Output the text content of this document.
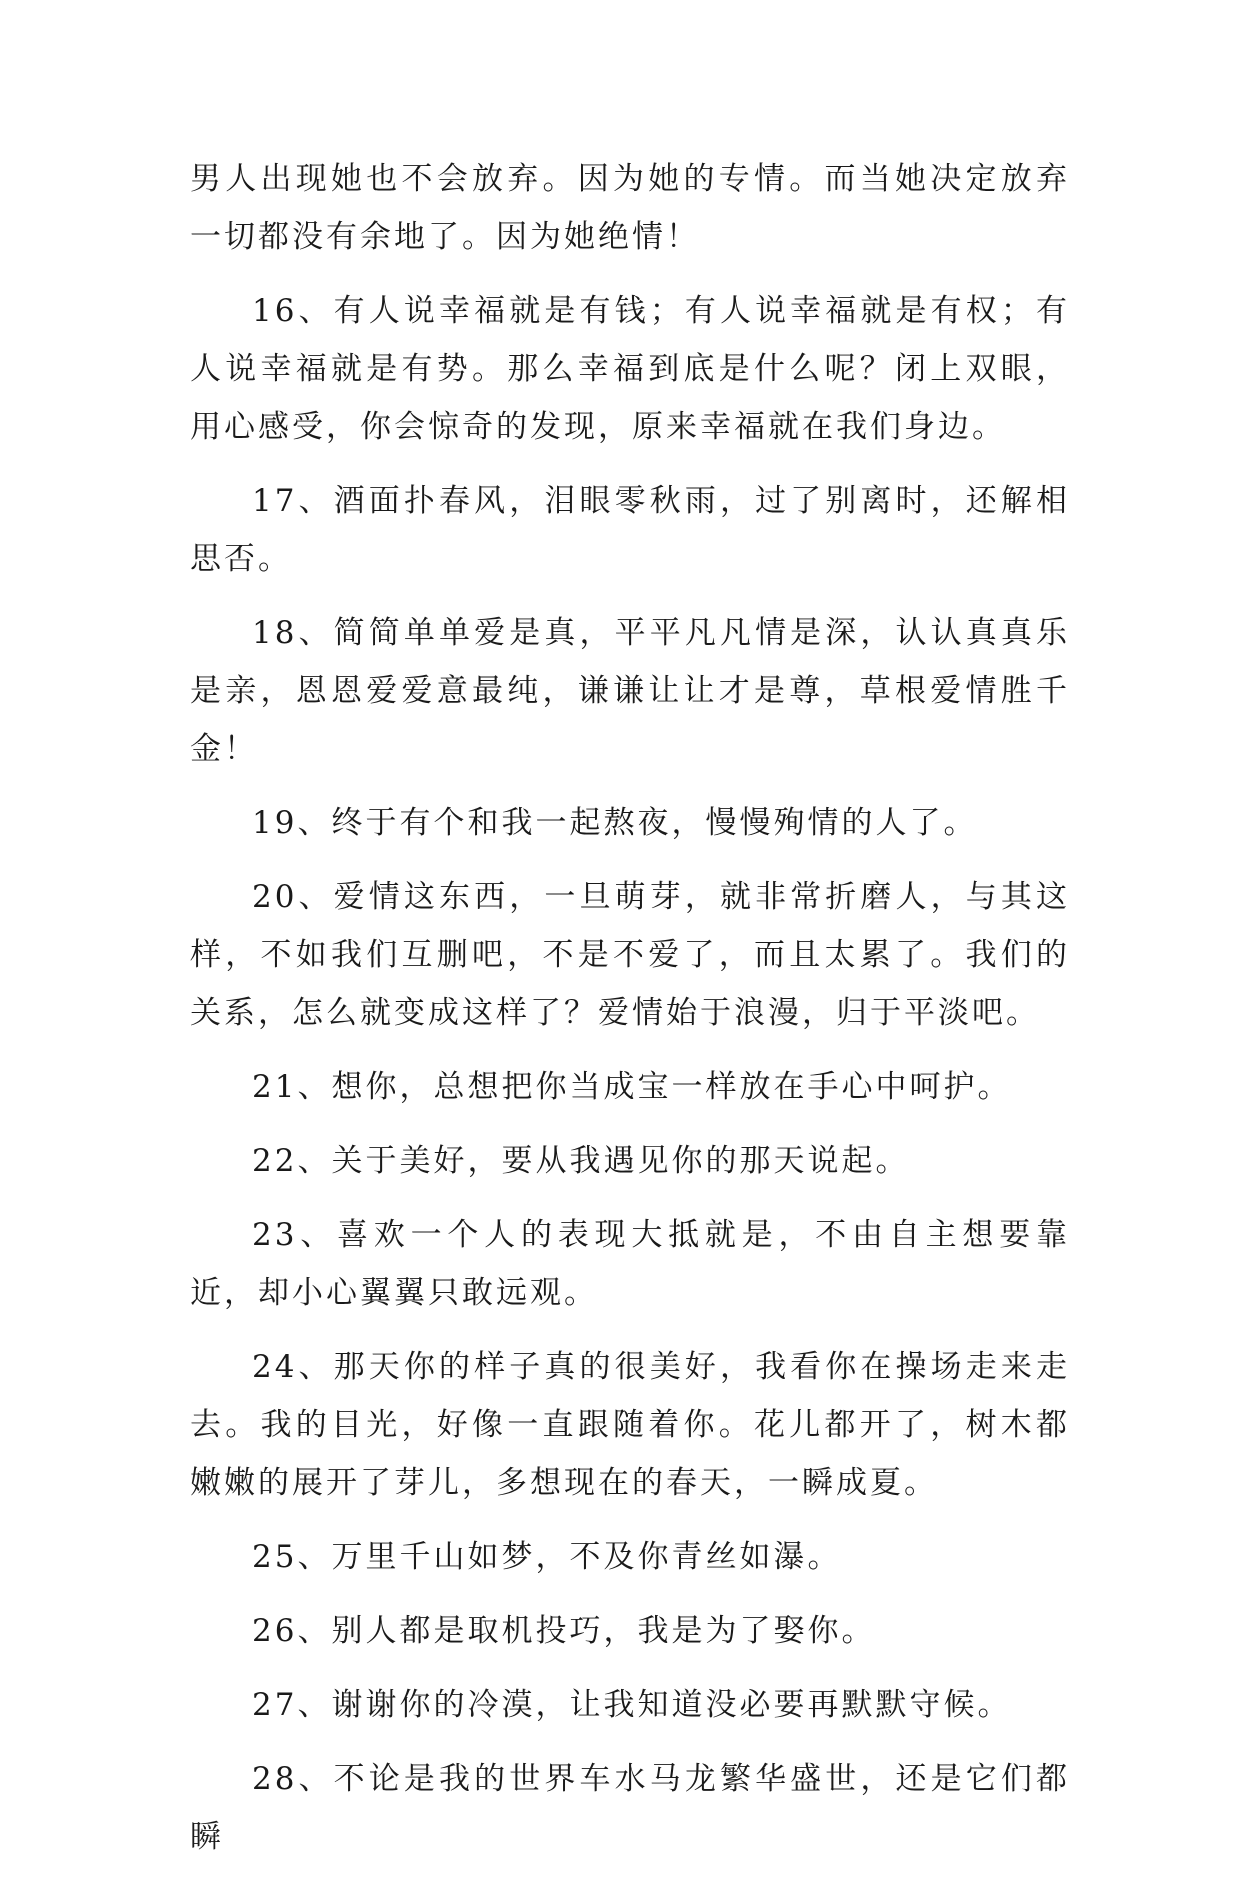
男人出现她也不会放弃。因为她的专情。而当她决定放弃一切都没有余地了。因为她绝情！

16、有人说幸福就是有钱；有人说幸福就是有权；有人说幸福就是有势。那么幸福到底是什么呢？闭上双眼，用心感受，你会惊奇的发现，原来幸福就在我们身边。

17、酒面扑春风，泪眼零秋雨，过了别离时，还解相思否。

18、简简单单爱是真，平平凡凡情是深，认认真真乐是亲，恩恩爱爱意最纯，谦谦让让才是尊，草根爱情胜千金！

19、终于有个和我一起熬夜，慢慢殉情的人了。

20、爱情这东西，一旦萌芽，就非常折磨人，与其这样，不如我们互删吧，不是不爱了，而且太累了。我们的关系，怎么就变成这样了？爱情始于浪漫，归于平淡吧。

21、想你，总想把你当成宝一样放在手心中呵护。

22、关于美好，要从我遇见你的那天说起。

23、喜欢一个人的表现大抵就是，不由自主想要靠近，却小心翼翼只敢远观。

24、那天你的样子真的很美好，我看你在操场走来走去。我的目光，好像一直跟随着你。花儿都开了，树木都嫩嫩的展开了芽儿，多想现在的春天，一瞬成夏。

25、万里千山如梦，不及你青丝如瀑。

26、别人都是取机投巧，我是为了娶你。

27、谢谢你的冷漠，让我知道没必要再默默守候。

28、不论是我的世界车水马龙繁华盛世，还是它们都瞬
